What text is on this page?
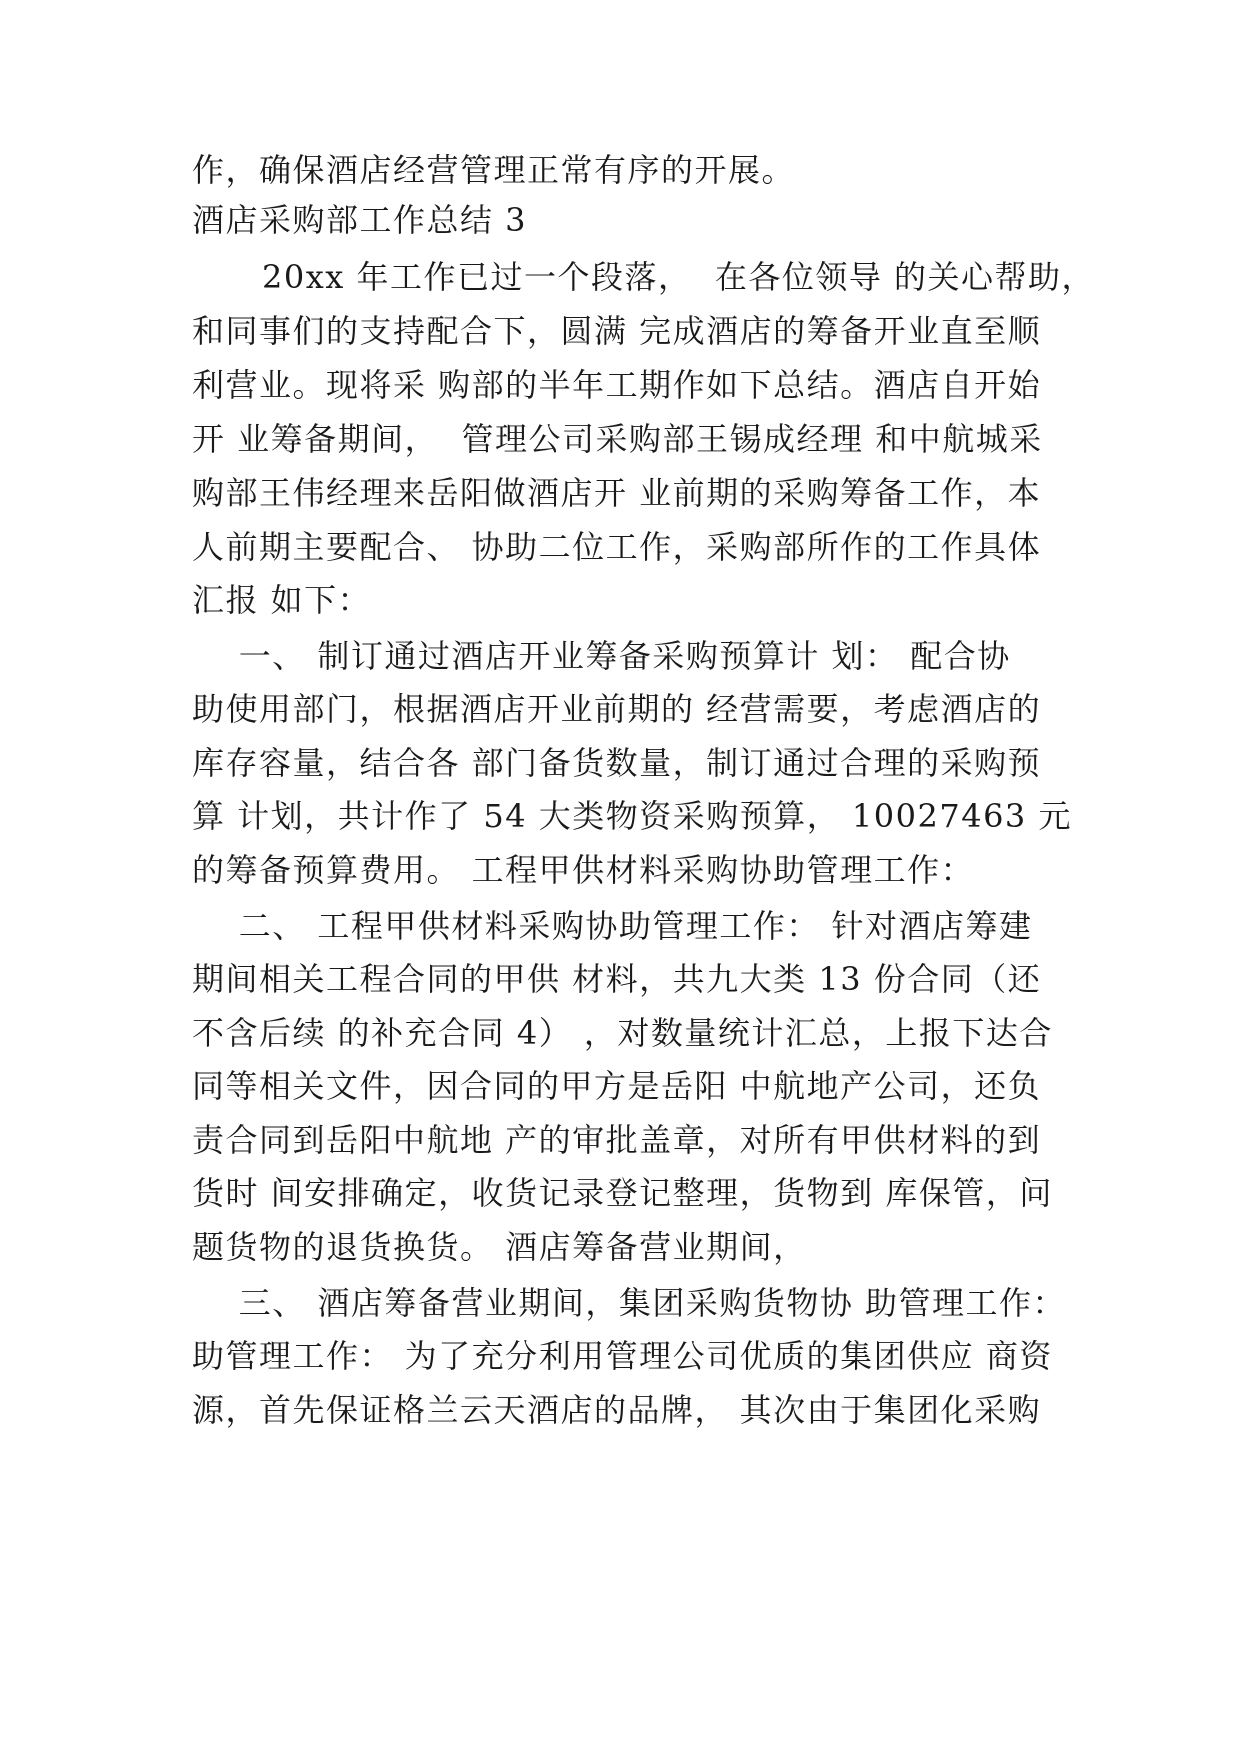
作，确保酒店经营管理正常有序的开展。
酒店采购部工作总结 3
20xx 年工作已过一个段落，  在各位领导 的关心帮助，
和同事们的支持配合下，圆满 完成酒店的筹备开业直至顺
利营业。现将采 购部的半年工期作如下总结。酒店自开始
开 业筹备期间，  管理公司采购部王锡成经理 和中航城采
购部王伟经理来岳阳做酒店开 业前期的采购筹备工作，本
人前期主要配合、 协助二位工作，采购部所作的工作具体
汇报 如下：
一、 制订通过酒店开业筹备采购预算计 划： 配合协
助使用部门，根据酒店开业前期的 经营需要，考虑酒店的
库存容量，结合各 部门备货数量，制订通过合理的采购预
算 计划，共计作了 54 大类物资采购预算， 10027463 元
的筹备预算费用。 工程甲供材料采购协助管理工作：
二、 工程甲供材料采购协助管理工作： 针对酒店筹建
期间相关工程合同的甲供 材料，共九大类 13 份合同（还
不含后续 的补充合同 4） ，对数量统计汇总，上报下达合
同等相关文件，因合同的甲方是岳阳 中航地产公司，还负
责合同到岳阳中航地 产的审批盖章，对所有甲供材料的到
货时 间安排确定，收货记录登记整理，货物到 库保管，问
题货物的退货换货。 酒店筹备营业期间，
三、 酒店筹备营业期间，集团采购货物协 助管理工作：
助管理工作： 为了充分利用管理公司优质的集团供应 商资
源，首先保证格兰云天酒店的品牌， 其次由于集团化采购
